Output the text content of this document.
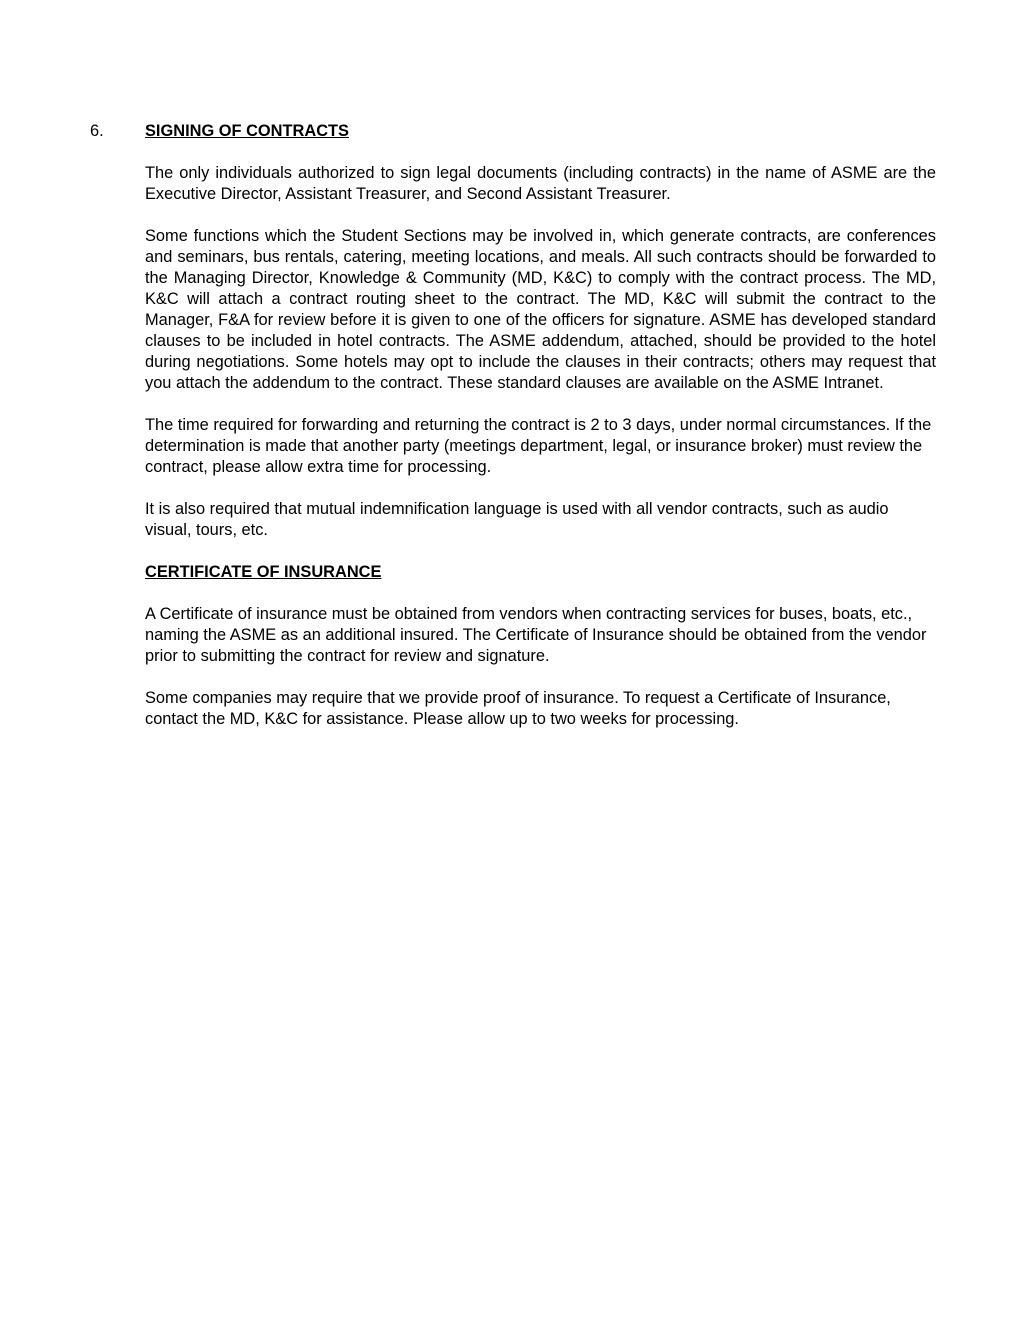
6.	SIGNING OF CONTRACTS

The only individuals authorized to sign legal documents (including contracts) in the name of ASME are the Executive Director, Assistant Treasurer, and Second Assistant Treasurer.

Some functions which the Student Sections may be involved in, which generate contracts, are conferences and seminars, bus rentals, catering, meeting locations, and meals. All such contracts should be forwarded to the Managing Director, Knowledge & Community (MD, K&C) to comply with the contract process. The MD, K&C will attach a contract routing sheet to the contract. The MD, K&C will submit the contract to the Manager, F&A for review before it is given to one of the officers for signature. ASME has developed standard clauses to be included in hotel contracts. The ASME addendum, attached, should be provided to the hotel during negotiations. Some hotels may opt to include the clauses in their contracts; others may request that you attach the addendum to the contract. These standard clauses are available on the ASME Intranet.

The time required for forwarding and returning the contract is 2 to 3 days, under normal circumstances. If the determination is made that another party (meetings department, legal, or insurance broker) must review the contract, please allow extra time for processing.

It is also required that mutual indemnification language is used with all vendor contracts, such as audio visual, tours, etc.

CERTIFICATE OF INSURANCE

A Certificate of insurance must be obtained from vendors when contracting services for buses, boats, etc., naming the ASME as an additional insured. The Certificate of Insurance should be obtained from the vendor prior to submitting the contract for review and signature.

Some companies may require that we provide proof of insurance. To request a Certificate of Insurance, contact the MD, K&C for assistance. Please allow up to two weeks for processing.
